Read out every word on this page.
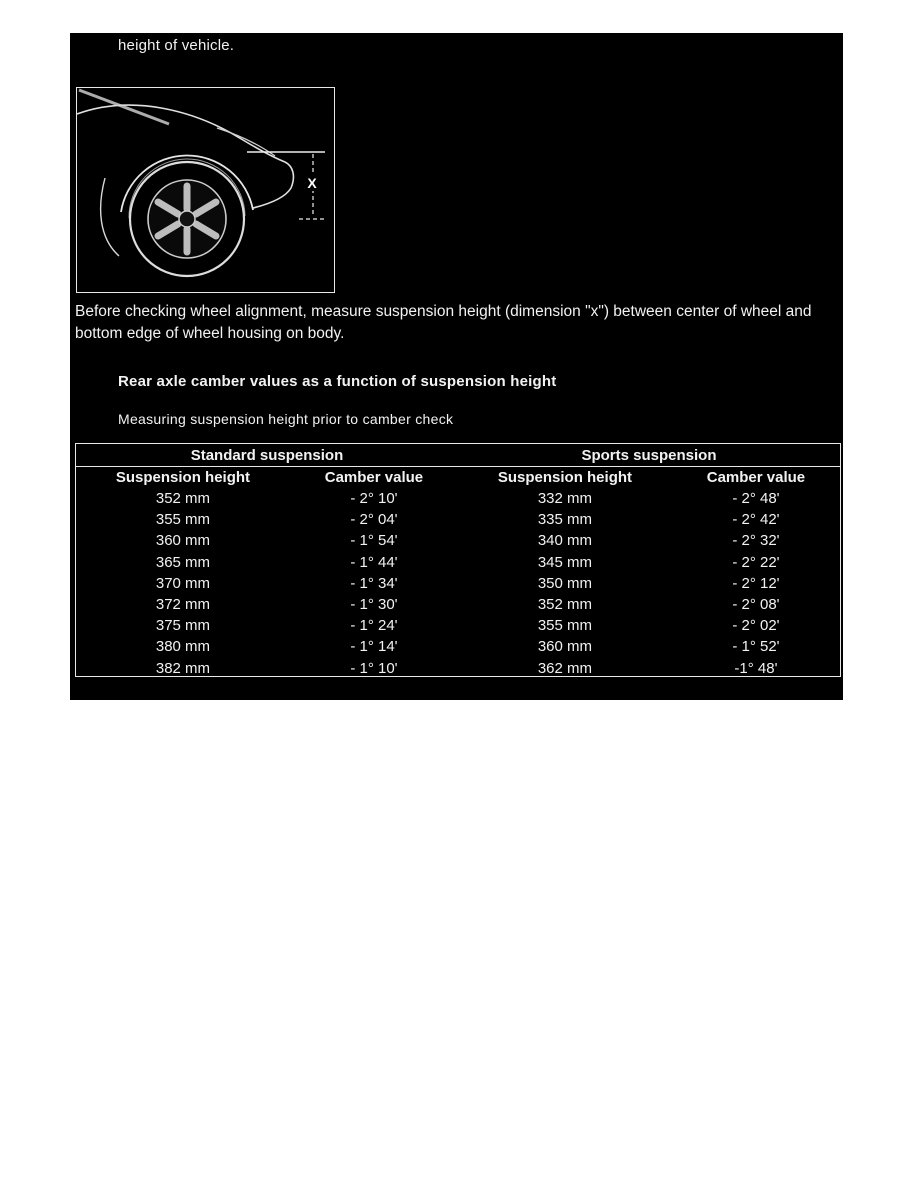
height of vehicle.
X
Before checking wheel alignment, measure suspension height (dimension "x") between center of wheel and
bottom edge of wheel housing on body.
Rear axle camber values as a function of suspension height
Measuring suspension height prior to camber check
Standard suspension		Sports suspension	
Suspension height	Camber value	Suspension height	Camber value
352 mm	- 2° 10'	332 mm	- 2° 48'
355 mm	- 2° 04'	335 mm	- 2° 42'
360 mm	- 1° 54'	340 mm	- 2° 32'
365 mm	- 1° 44'	345 mm	- 2° 22'
370 mm	- 1° 34'	350 mm	- 2° 12'
372 mm	- 1° 30'	352 mm	- 2° 08'
375 mm	- 1° 24'	355 mm	- 2° 02'
380 mm	- 1° 14'	360 mm	- 1° 52'
382 mm	- 1° 10'	362 mm	-1° 48'
